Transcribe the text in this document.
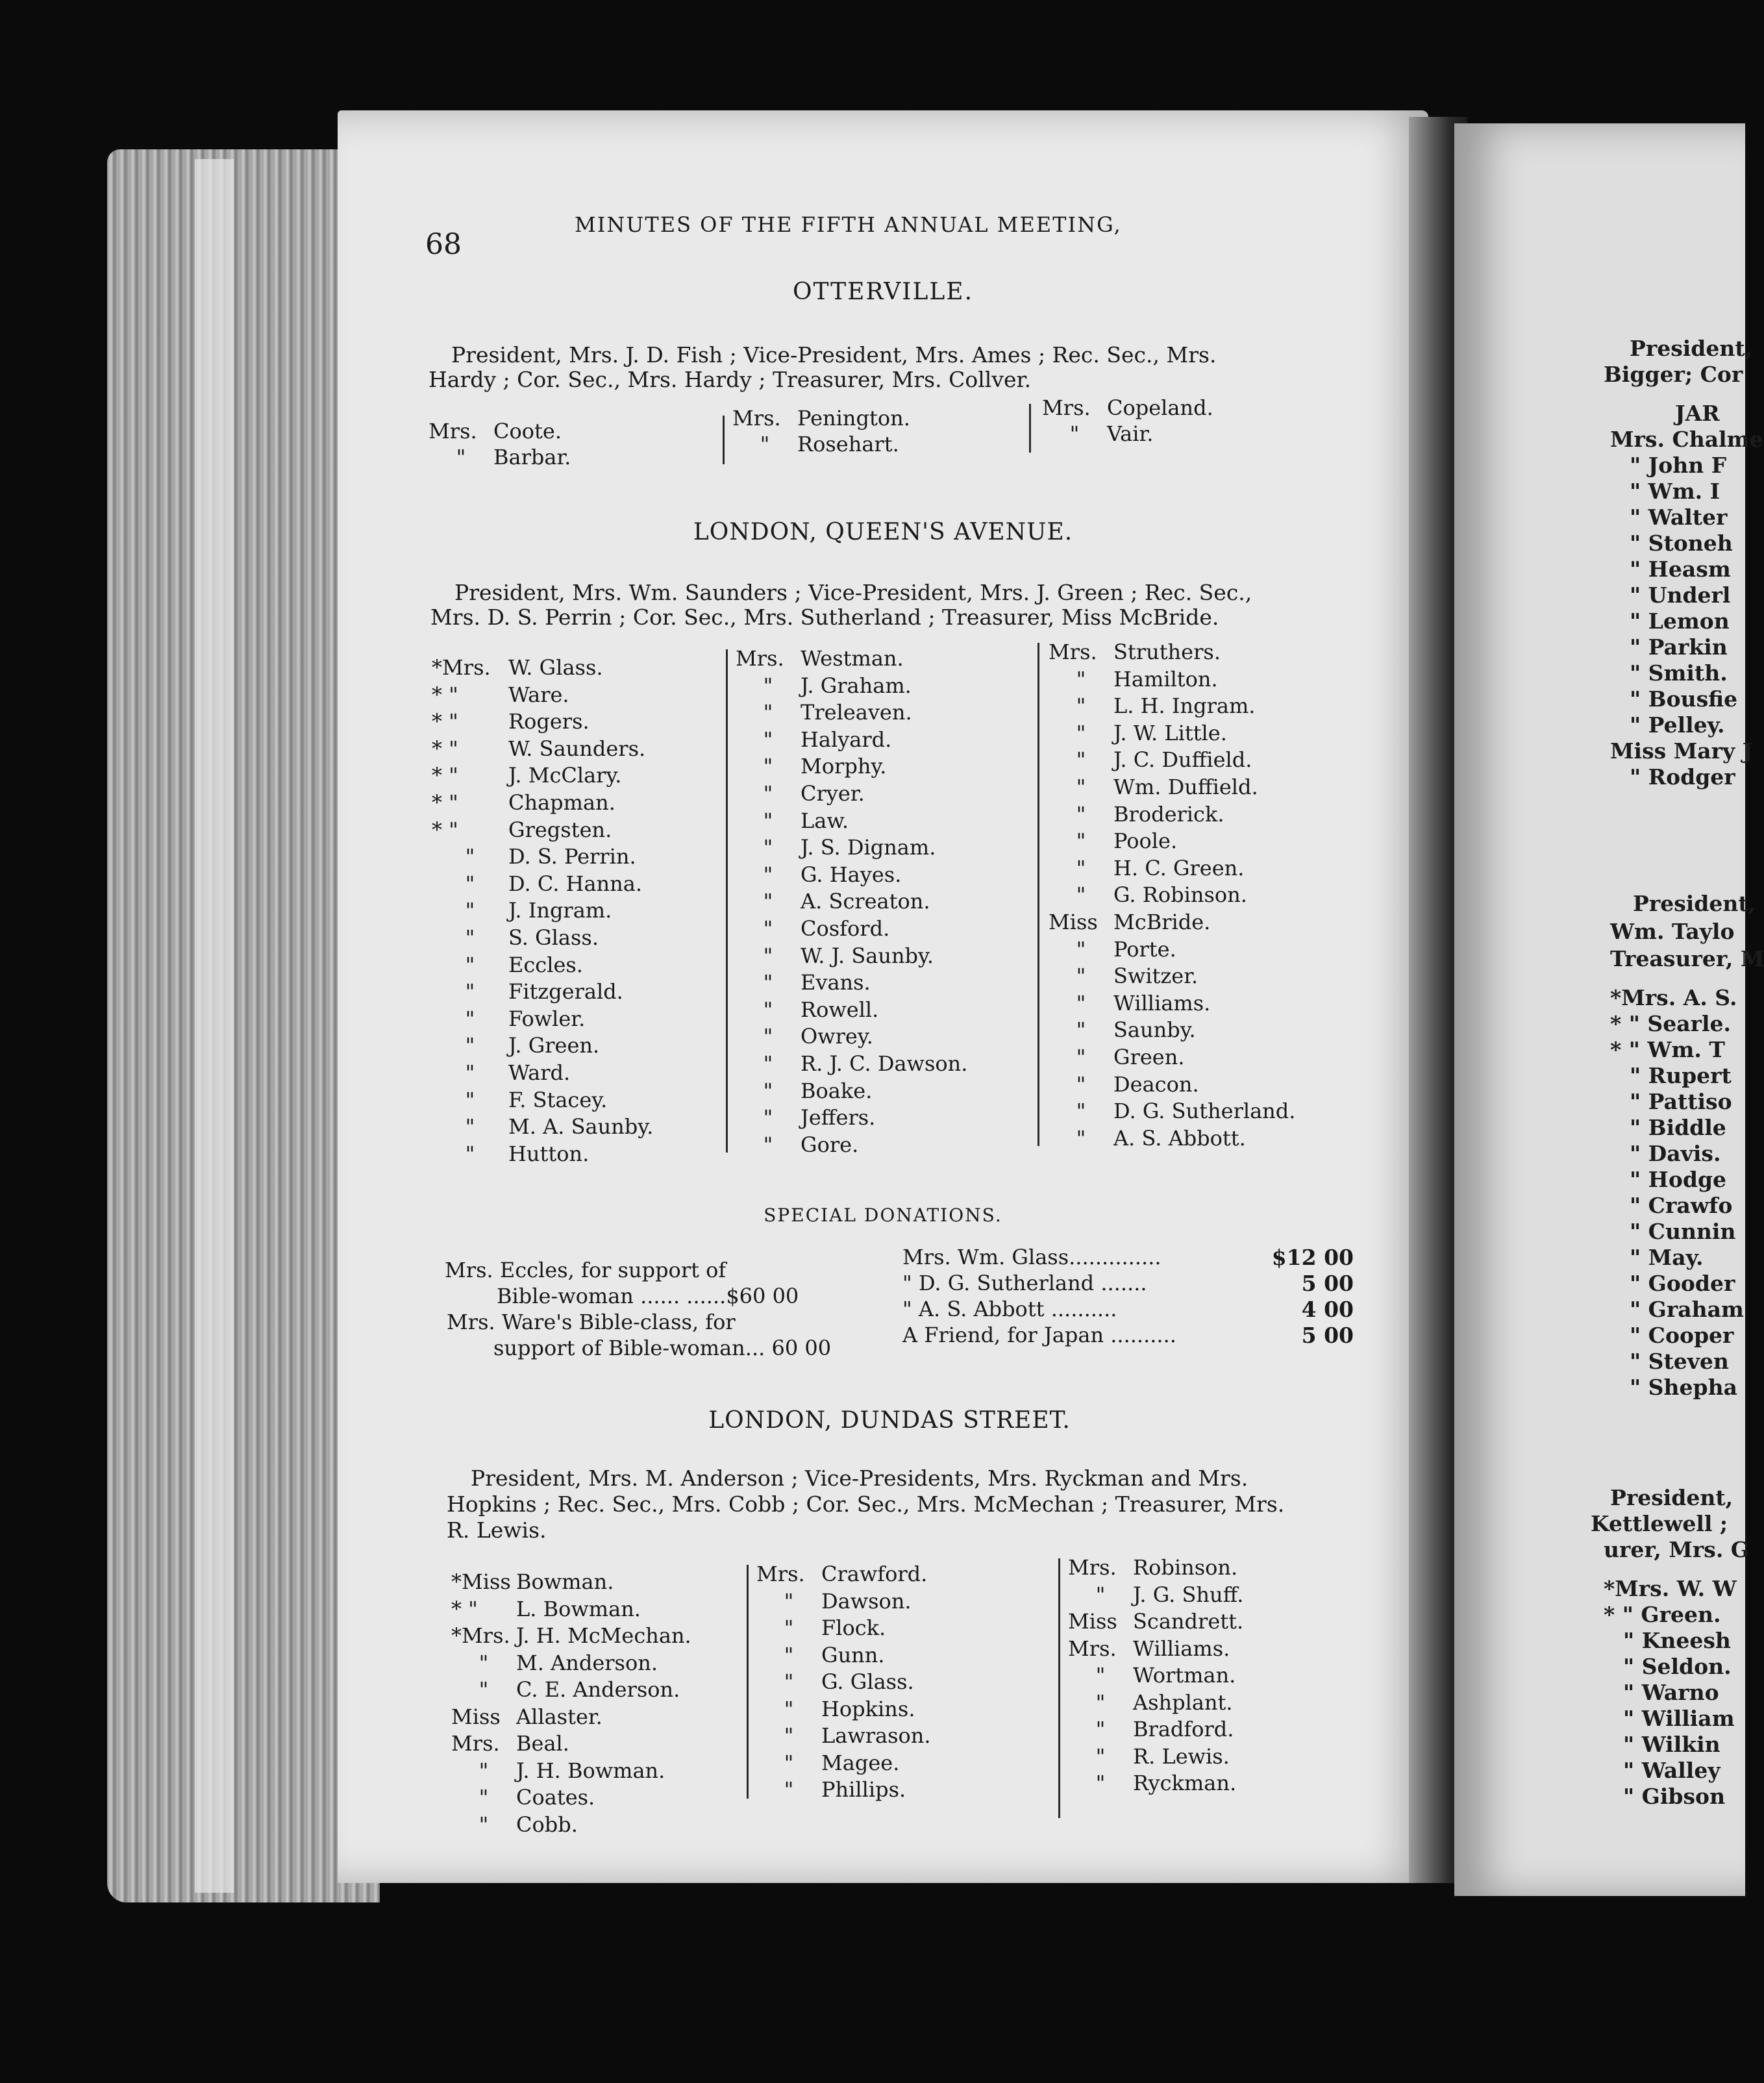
68
MINUTES OF THE FIFTH ANNUAL MEETING,
OTTERVILLE.
President, Mrs. J. D. Fish ; Vice-President, Mrs. Ames ; Rec. Sec., Mrs.
Hardy ; Cor. Sec., Mrs. Hardy ; Treasurer, Mrs. Collver.
Mrs. Coote.
" Barbar.
Mrs. Penington.
" Rosehart.
Mrs. Copeland.
" Vair.
LONDON, QUEEN'S AVENUE.
President, Mrs. Wm. Saunders ; Vice-President, Mrs. J. Green ; Rec. Sec.,
Mrs. D. S. Perrin ; Cor. Sec., Mrs. Sutherland ; Treasurer, Miss McBride.
*Mrs. W. Glass.
* " Ware.
* " Rogers.
* " W. Saunders.
* " J. McClary.
* " Chapman.
* " Gregsten.
" D. S. Perrin.
" D. C. Hanna.
" J. Ingram.
" S. Glass.
" Eccles.
" Fitzgerald.
" Fowler.
" J. Green.
" Ward.
" F. Stacey.
" M. A. Saunby.
" Hutton.
Mrs. Westman.
" J. Graham.
" Treleaven.
" Halyard.
" Morphy.
" Cryer.
" Law.
" J. S. Dignam.
" G. Hayes.
" A. Screaton.
" Cosford.
" W. J. Saunby.
" Evans.
" Rowell.
" Owrey.
" R. J. C. Dawson.
" Boake.
" Jeffers.
" Gore.
Mrs. Struthers.
" Hamilton.
" L. H. Ingram.
" J. W. Little.
" J. C. Duffield.
" Wm. Duffield.
" Broderick.
" Poole.
" H. C. Green.
" G. Robinson.
Miss McBride.
" Porte.
" Switzer.
" Williams.
" Saunby.
" Green.
" Deacon.
" D. G. Sutherland.
" A. S. Abbott.
SPECIAL DONATIONS.
Mrs. Eccles, for support of
Bible-woman ...... ......$60 00
Mrs. Ware's Bible-class, for
support of Bible-woman... 60 00
Mrs. Wm. Glass..............
" D. G. Sutherland .......
" A. S. Abbott ..........
A Friend, for Japan ..........
$12 00
5 00
4 00
5 00
LONDON, DUNDAS STREET.
President, Mrs. M. Anderson ; Vice-Presidents, Mrs. Ryckman and Mrs.
Hopkins ; Rec. Sec., Mrs. Cobb ; Cor. Sec., Mrs. McMechan ; Treasurer, Mrs.
R. Lewis.
*Miss Bowman.
* " L. Bowman.
*Mrs. J. H. McMechan.
" M. Anderson.
" C. E. Anderson.
Miss Allaster.
Mrs. Beal.
" J. H. Bowman.
" Coates.
" Cobb.
Mrs. Crawford.
" Dawson.
" Flock.
" Gunn.
" G. Glass.
" Hopkins.
" Lawrason.
" Magee.
" Phillips.
Mrs. Robinson.
" J. G. Shuff.
Miss Scandrett.
Mrs. Williams.
" Wortman.
" Ashplant.
" Bradford.
" R. Lewis.
" Ryckman.
President,
Bigger; Cor
JAR
Mrs. Chalme
" John F
" Wm. I
" Walter
" Stoneh
" Heasm
" Underl
" Lemon
" Parkin
" Smith.
" Bousfie
" Pelley.
Miss Mary J
" Rodger
President,
Wm. Taylo
Treasurer, M
*Mrs. A. S.
* " Searle.
* " Wm. T
" Rupert
" Pattiso
" Biddle
" Davis.
" Hodge
" Crawfo
" Cunnin
" May.
" Gooder
" Graham
" Cooper
" Steven
" Shepha
President,
Kettlewell ;
urer, Mrs. G
*Mrs. W. W
* " Green.
" Kneesh
" Seldon.
" Warno
" William
" Wilkin
" Walley
" Gibson
